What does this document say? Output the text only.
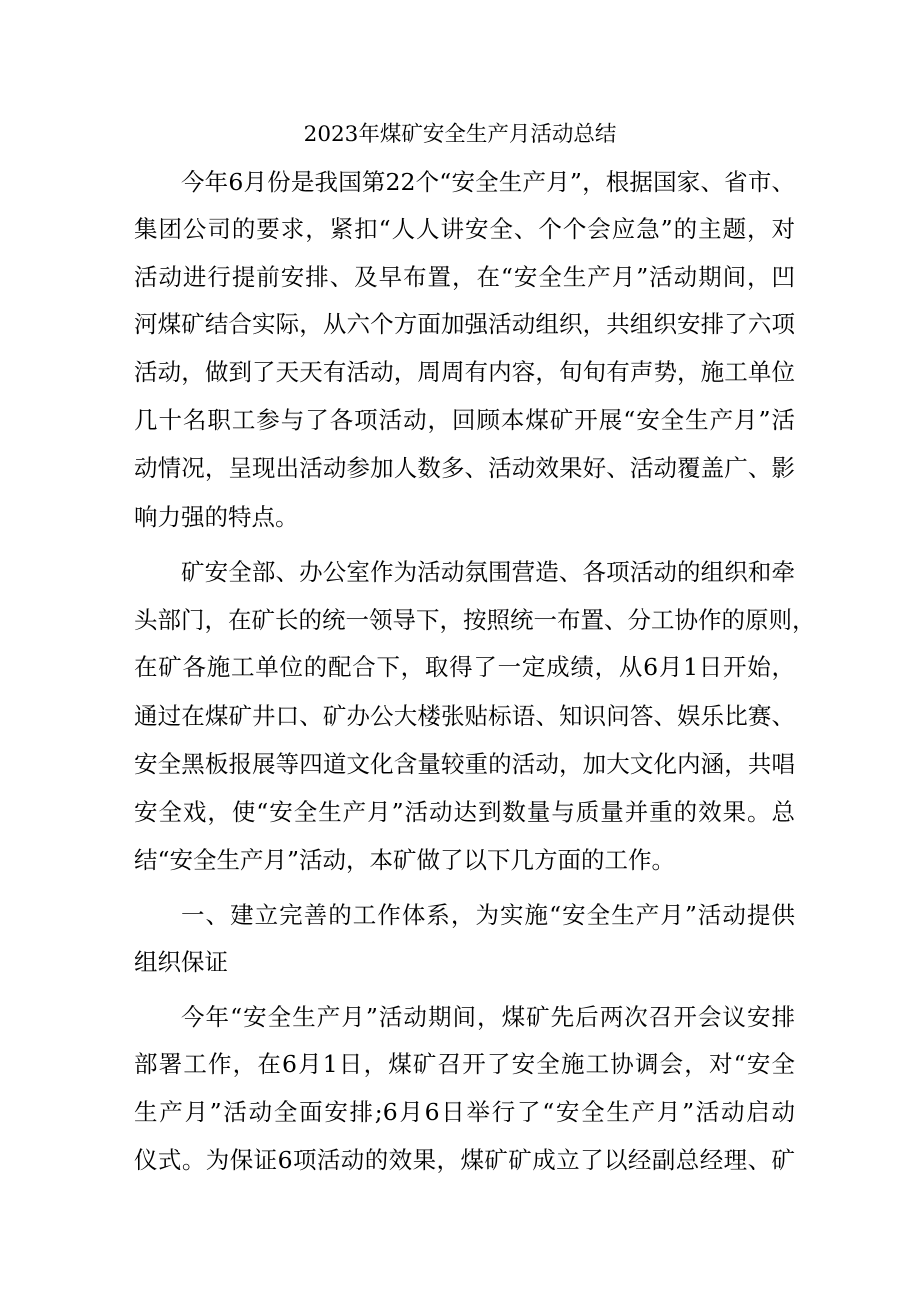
2023年煤矿安全生产月活动总结
今年6月份是我国第22个“安全生产月”，根据国家、省市、
集团公司的要求，紧扣“人人讲安全、个个会应急”的主题，对
活动进行提前安排、及早布置，在“安全生产月”活动期间，凹
河煤矿结合实际，从六个方面加强活动组织，共组织安排了六项
活动，做到了天天有活动，周周有内容，旬旬有声势，施工单位
几十名职工参与了各项活动，回顾本煤矿开展“安全生产月”活
动情况，呈现出活动参加人数多、活动效果好、活动覆盖广、影
响力强的特点。
矿安全部、办公室作为活动氛围营造、各项活动的组织和牵
头部门，在矿长的统一领导下，按照统一布置、分工协作的原则，
在矿各施工单位的配合下，取得了一定成绩，从6月1日开始，
通过在煤矿井口、矿办公大楼张贴标语、知识问答、娱乐比赛、
安全黑板报展等四道文化含量较重的活动，加大文化内涵，共唱
安全戏，使“安全生产月”活动达到数量与质量并重的效果。总
结“安全生产月”活动，本矿做了以下几方面的工作。
一、建立完善的工作体系，为实施“安全生产月”活动提供
组织保证
今年“安全生产月”活动期间，煤矿先后两次召开会议安排
部署工作，在6月1日，煤矿召开了安全施工协调会，对“安全
生产月”活动全面安排;6月6日举行了“安全生产月”活动启动
仪式。为保证6项活动的效果，煤矿矿成立了以经副总经理、矿
